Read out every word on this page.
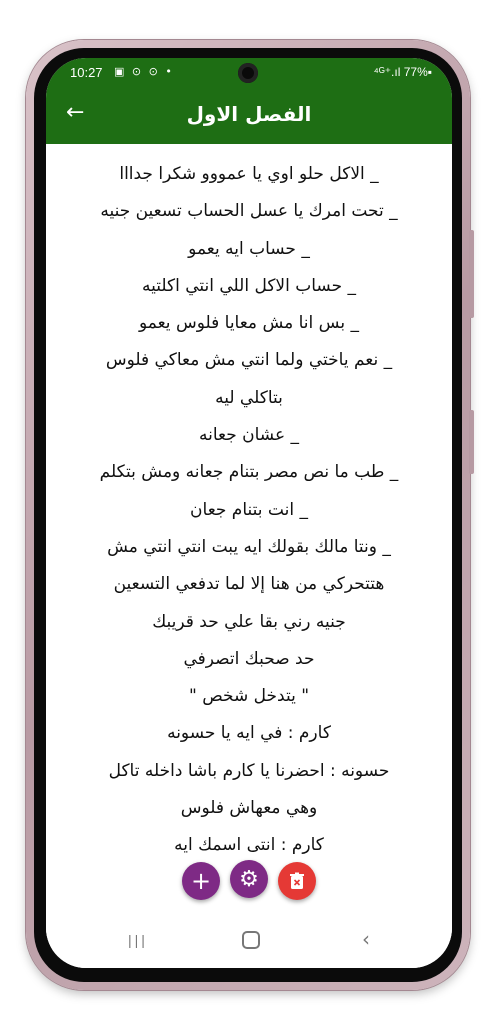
10:27 ▣ ⊙ ⊙ •	⁴ᴳ⁺.ıl 77%▪
←	الفصل الاول

_ الاكل حلو اوي يا عمووو شكرا جدااا

_ تحت امرك يا عسل الحساب تسعين جنيه

_ حساب ايه يعمو

_ حساب الاكل اللي انتي اكلتيه

_ بس انا مش معايا فلوس يعمو

_ نعم ياختي ولما انتي مش معاكي فلوس

بتاكلي ليه

_ عشان جعانه

_ طب ما نص مصر بتنام جعانه ومش بتكلم

_ انت بتنام جعان

_ ونتا مالك بقولك ايه يبت انتي انتي مش

هتتحركي من هنا إلا لما تدفعي التسعين

جنيه رني بقا علي حد قريبك

حد صحبك اتصرفي

" يتدخل شخص "

كارم : في ايه يا حسونه

حسونه : احضرنا يا كارم باشا داخله تاكل

وهي معهاش فلوس

كارم : انتى اسمك ايه

+ ⚙
|||	‹
